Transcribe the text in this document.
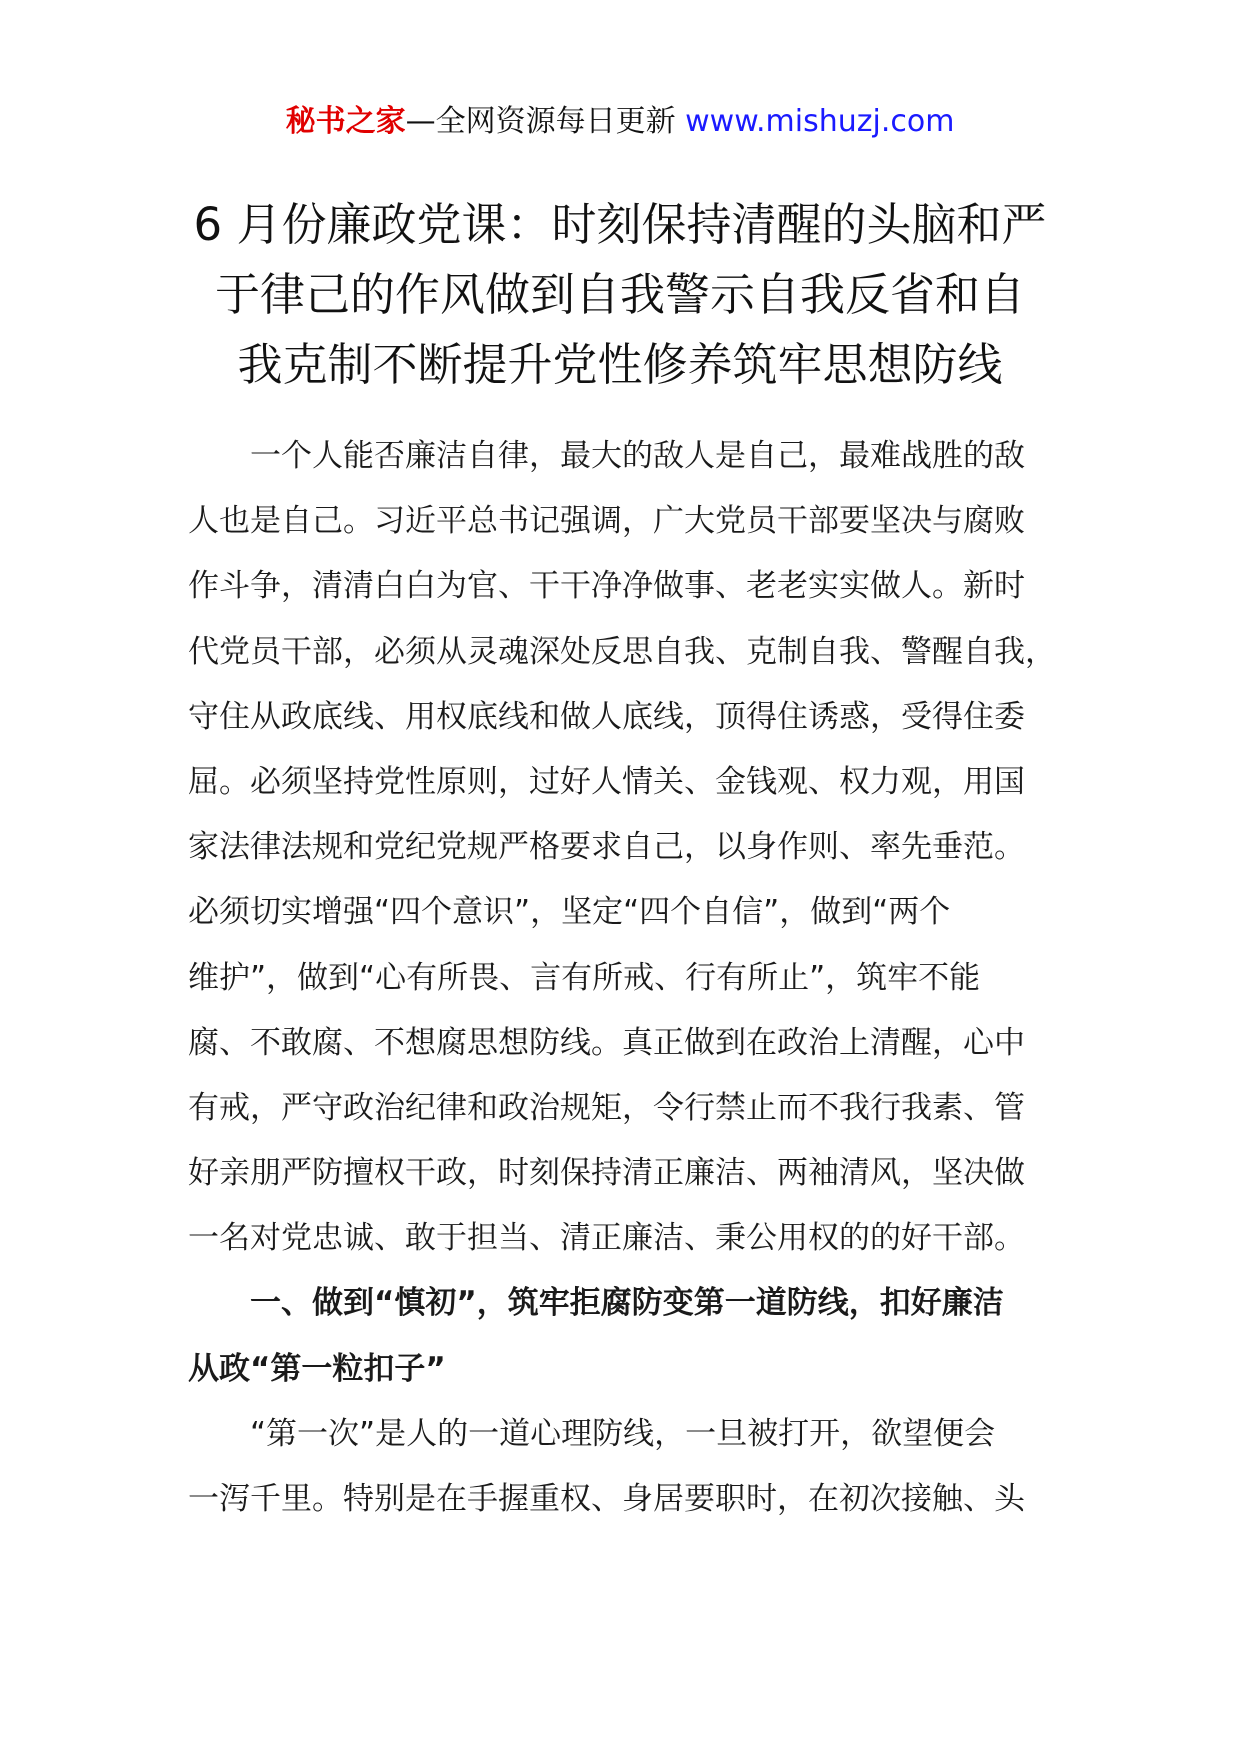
秘书之家—全网资源每日更新 www.mishuzj.com
6 月份廉政党课：时刻保持清醒的头脑和严
于律己的作风做到自我警示自我反省和自
我克制不断提升党性修养筑牢思想防线
一个人能否廉洁自律，最大的敌人是自己，最难战胜的敌
人也是自己。习近平总书记强调，广大党员干部要坚决与腐败
作斗争，清清白白为官、干干净净做事、老老实实做人。新时
代党员干部，必须从灵魂深处反思自我、克制自我、警醒自我，
守住从政底线、用权底线和做人底线，顶得住诱惑，受得住委
屈。必须坚持党性原则，过好人情关、金钱观、权力观，用国
家法律法规和党纪党规严格要求自己，以身作则、率先垂范。
必须切实增强“四个意识”，坚定“四个自信”，做到“两个
维护”，做到“心有所畏、言有所戒、行有所止”，筑牢不能
腐、不敢腐、不想腐思想防线。真正做到在政治上清醒，心中
有戒，严守政治纪律和政治规矩，令行禁止而不我行我素、管
好亲朋严防擅权干政，时刻保持清正廉洁、两袖清风，坚决做
一名对党忠诚、敢于担当、清正廉洁、秉公用权的的好干部。
一、做到“慎初”，筑牢拒腐防变第一道防线，扣好廉洁
从政“第一粒扣子”
“第一次”是人的一道心理防线，一旦被打开，欲望便会
一泻千里。特别是在手握重权、身居要职时，在初次接触、头
